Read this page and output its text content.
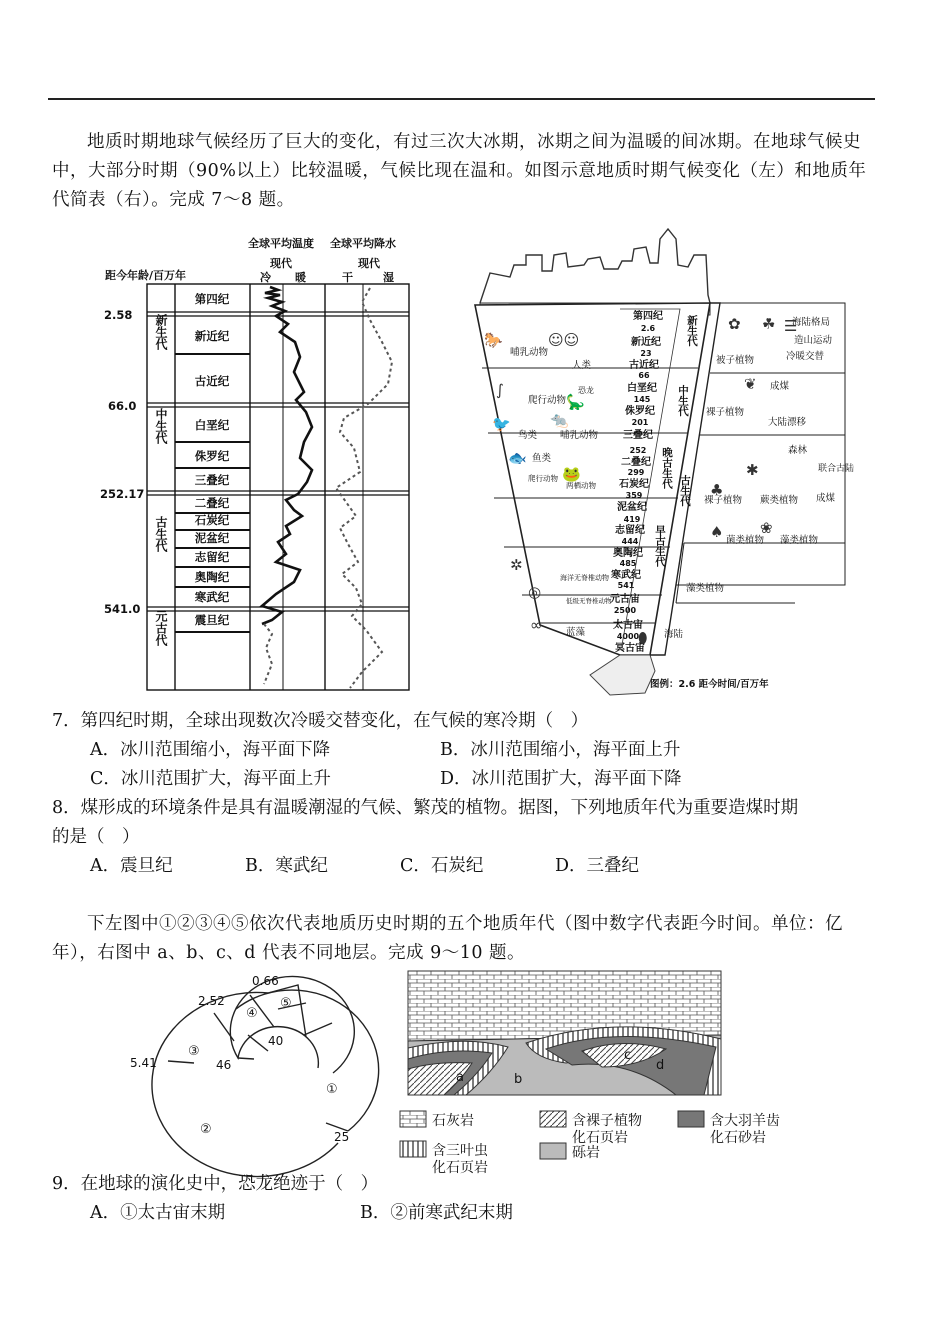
地质时期地球气候经历了巨大的变化，有过三次大冰期，冰期之间为温暖的间冰期。在地球气候史中，大部分时期（90%以上）比较温暖，气候比现在温和。如图示意地质时期气候变化（左）和地质年代简表（右）。完成 7～8 题。
全球平均温度 全球平均降水
现代	现代
冷 暖	干	湿
距今年龄/百万年
2.58
66.0
252.17
541.0
新生代
中生代
古生代
元古代
第四纪
新近纪
古近纪
白垩纪
侏罗纪
三叠纪
二叠纪
石炭纪
泥盆纪
志留纪
奥陶纪
寒武纪
震旦纪
第四纪
2.6
新近纪
23
古近纪
66
白垩纪
145
侏罗纪
201
三叠纪
252
二叠纪
299
石炭纪
359
泥盆纪
419
志留纪
444
奥陶纪
485
寒武纪
541
元古宙
2500
太古宙
4000
冥古宙
新生代
中生代
古生代
晚古生代
早古生代
哺乳动物
人类
爬行动物
恐龙
鸟类 哺乳动物
鱼类
爬行动物
两栖动物
海洋无脊椎动物
低级无脊椎动物
蓝藻
被子植物
裸子植物
蕨类植物
裸子植物
菌类植物 藻类植物
藻类植物
海陆格局
造山运动
冷暖交替
成煤
大陆漂移
森林
联合古陆
成煤
海陆
🐎	☺☺
∫
🦕
🐦	🐀
🐟
🐸
✲
◎
∞
⬮
✿ ☘ ☰
❦
♣
✱
♠ ❀
图例：2.6 距今时间/百万年
7．第四纪时期，全球出现数次冷暖交替变化，在气候的寒冷期（　）
A．冰川范围缩小，海平面下降	B．冰川范围缩小，海平面上升
C．冰川范围扩大，海平面上升	D．冰川范围扩大，海平面下降
8．煤形成的环境条件是具有温暖潮湿的气候、繁茂的植物。据图，下列地质年代为重要造煤时期
的是（　）
A．震旦纪	B．寒武纪	C．石炭纪	D．三叠纪
下左图中①②③④⑤依次代表地质历史时期的五个地质年代（图中数字代表距今时间。单位：亿年），右图中 a、b、c、d 代表不同地层。完成 9～10 题。
0.66
2.52
5.41
40
46
25
①
②
③
④
⑤
a	b
c
d
石灰岩	含裸子植物化石页岩
含大羽羊齿化石砂岩
含三叶虫化石页岩
砾岩
9．在地球的演化史中，恐龙绝迹于（　）
A．①太古宙末期	B．②前寒武纪末期
